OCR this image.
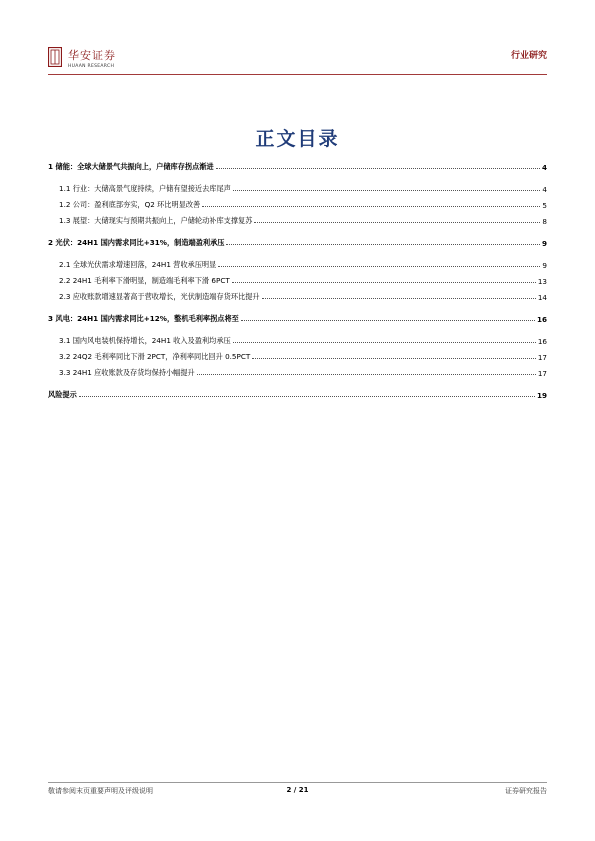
华安证券
HUAAN RESEARCH
行业研究
正文目录
1 储能：全球大储景气共振向上，户储库存拐点渐进	4
1.1 行业：大储高景气度持续，户储有望接近去库尾声	4
1.2 公司：盈利底部夯实，Q2 环比明显改善	5
1.3 展望：大储现实与预期共振向上，户储轮动补库支撑复苏	8
2 光伏：24H1 国内需求同比+31%，制造端盈利承压	9
2.1 全球光伏需求增速回落，24H1 营收承压明显	9
2.2 24H1 毛利率下滑明显，制造端毛利率下滑 6PCT	13
2.3 应收账款增速显著高于营收增长，光伏制造端存货环比提升	14
3 风电：24H1 国内需求同比+12%，整机毛利率拐点将至	16
3.1 国内风电装机保持增长，24H1 收入及盈利均承压	16
3.2 24Q2 毛利率同比下滑 2PCT，净利率同比回升 0.5PCT	17
3.3 24H1 应收账款及存货均保持小幅提升	17
风险提示	19
敬请参阅末页重要声明及评级说明	2 / 21	证券研究报告
